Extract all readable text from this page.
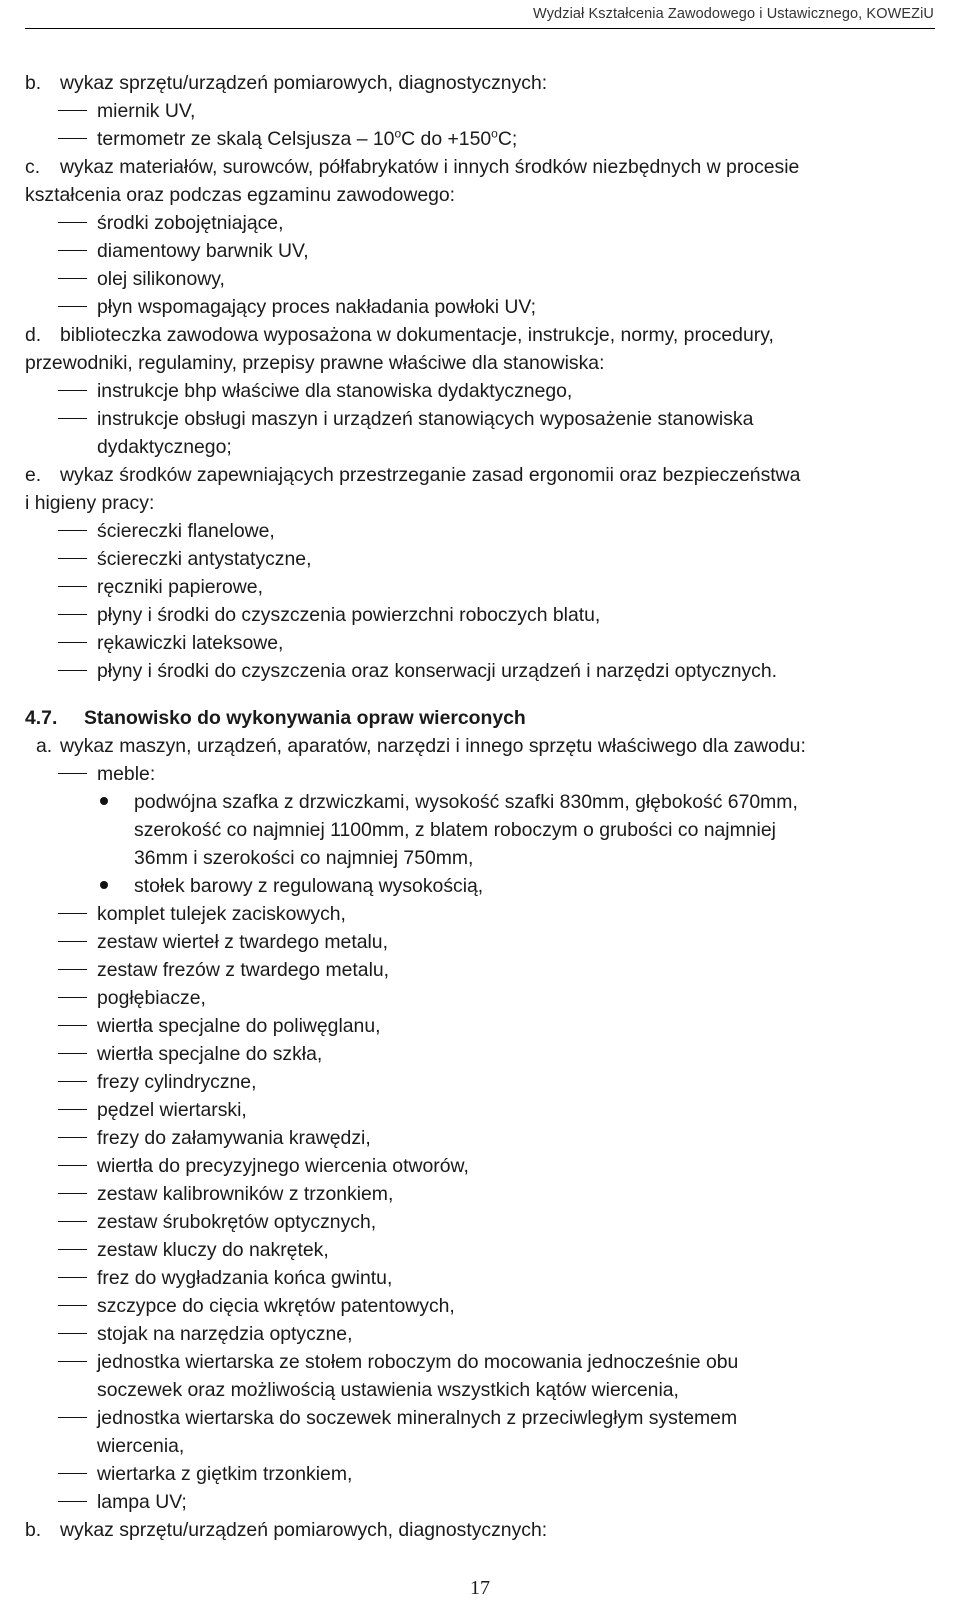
Wydział Kształcenia Zawodowego i Ustawicznego, KOWEZiU
b. wykaz sprzętu/urządzeń pomiarowych, diagnostycznych:
miernik UV,
termometr ze skalą Celsjusza – 10$^o$C do $+150^oC$;
c.	wykaz materiałów, surowców, półfabrykatów i innych środków niezbędnych w procesie
kształcenia oraz podczas egzaminu zawodowego:
środki zobojętniające,
diamentowy barwnik UV,
olej silikonowy,
płyn wspomagający proces nakładania powłoki UV;
d. biblioteczka zawodowa wyposażona w dokumentacje, instrukcje, normy, procedury,
przewodniki, regulaminy, przepisy prawne właściwe dla stanowiska:
instrukcje bhp właściwe dla stanowiska dydaktycznego,
instrukcje obsługi maszyn i urządzeń stanowiących wyposażenie stanowiska
dydaktycznego;
e. wykaz środków zapewniających przestrzeganie zasad ergonomii oraz bezpieczeństwa
i higieny pracy:
ściereczki flanelowe,
ściereczki antystatyczne,
ręczniki papierowe,
płyny i środki do czyszczenia powierzchni roboczych blatu,
rękawiczki lateksowe,
płyny i środki do czyszczenia oraz konserwacji urządzeń i narzędzi optycznych.
4.7.	Stanowisko do wykonywania opraw wierconych
a. wykaz maszyn, urządzeń, aparatów, narzędzi i innego sprzętu właściwego dla zawodu:
meble:
podwójna szafka z drzwiczkami, wysokość szafki 830mm, głębokość 670mm,
szerokość co najmniej 1100mm, z blatem roboczym o grubości co najmniej
36mm i szerokości co najmniej 750mm,
stołek barowy z regulowaną wysokością,
komplet tulejek zaciskowych,
zestaw wierteł z twardego metalu,
zestaw frezów z twardego metalu,
pogłębiacze,
wiertła specjalne do poliwęglanu,
wiertła specjalne do szkła,
frezy cylindryczne,
pędzel wiertarski,
frezy do załamywania krawędzi,
wiertła do precyzyjnego wiercenia otworów,
zestaw kalibrowników z trzonkiem,
zestaw śrubokrętów optycznych,
zestaw kluczy do nakrętek,
frez do wygładzania końca gwintu,
szczypce do cięcia wkrętów patentowych,
stojak na narzędzia optyczne,
jednostka wiertarska ze stołem roboczym do mocowania jednocześnie obu
soczewek oraz możliwością ustawienia wszystkich kątów wiercenia,
jednostka wiertarska do soczewek mineralnych z przeciwległym systemem
wiercenia,
wiertarka z giętkim trzonkiem,
lampa UV;
b. wykaz sprzętu/urządzeń pomiarowych, diagnostycznych:
17
